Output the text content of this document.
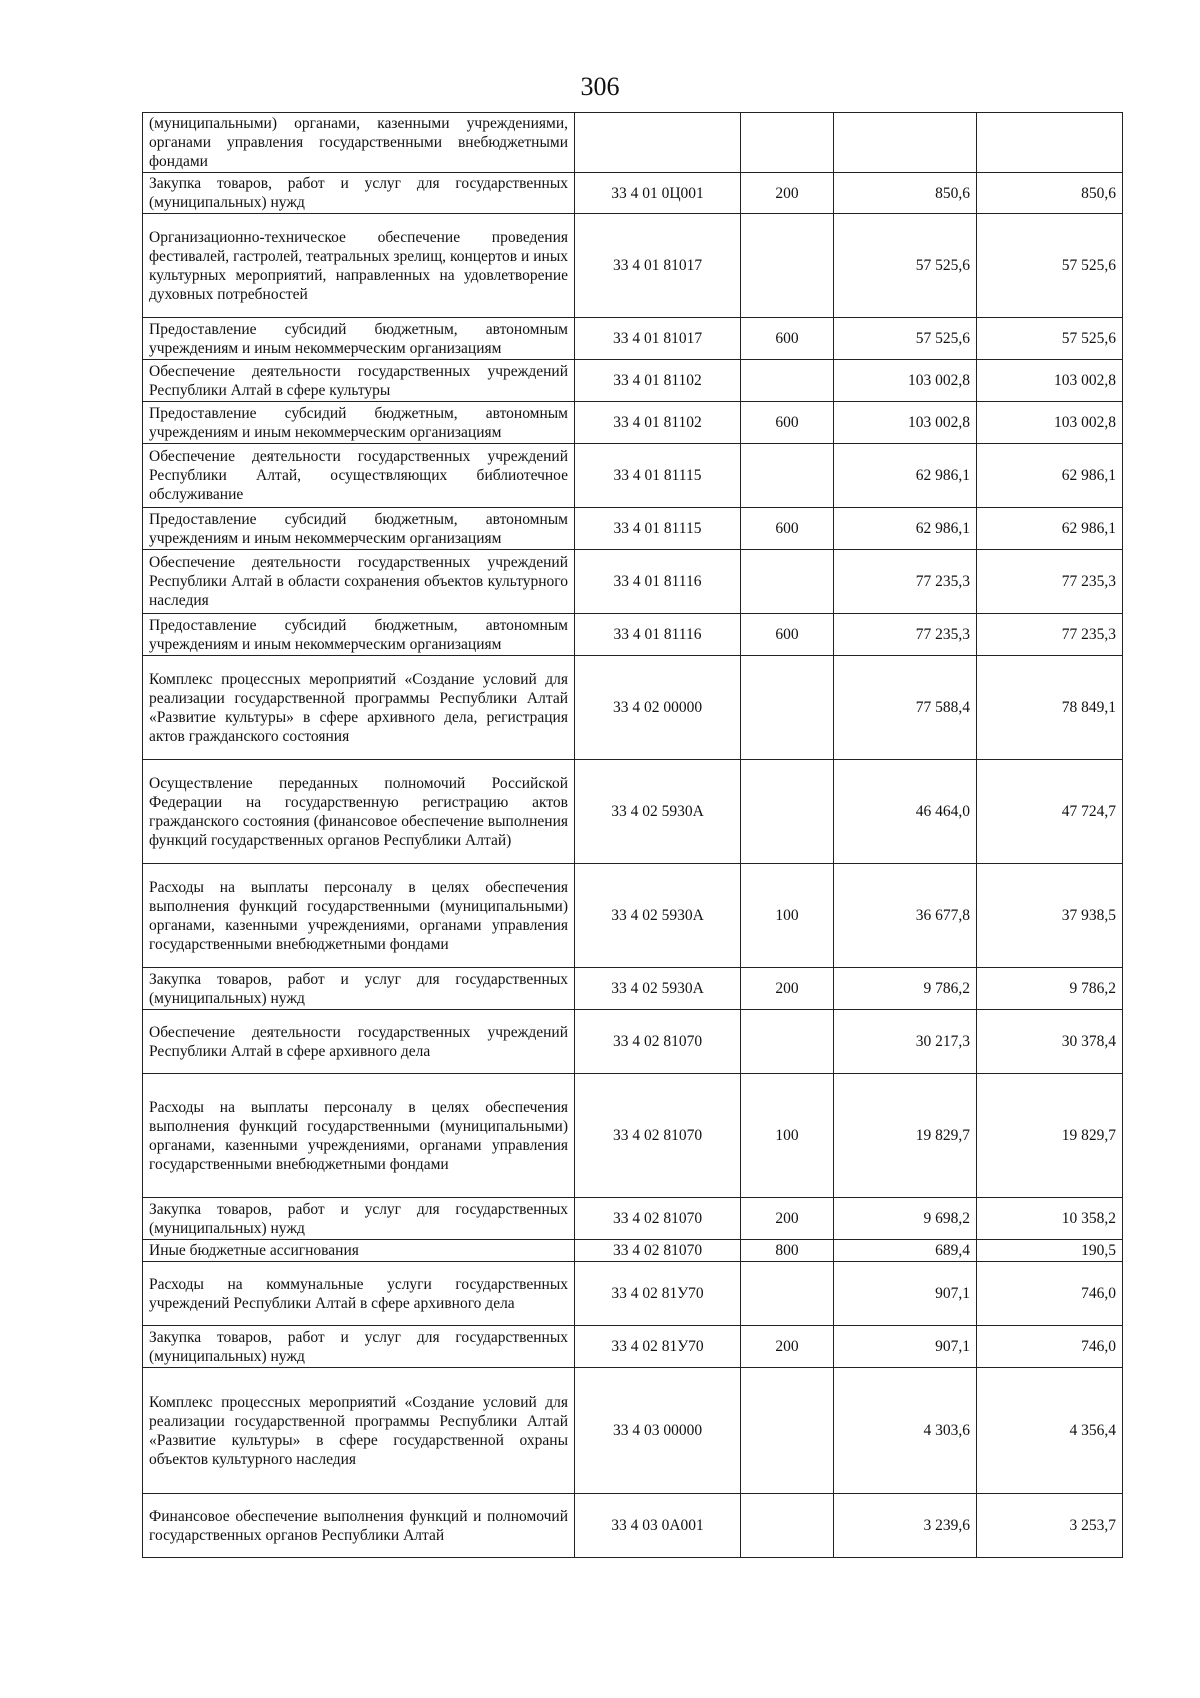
306
(муниципальными) органами, казенными учреждениями, органами управления государственными внебюджетными фондами				
Закупка товаров, работ и услуг для государственных (муниципальных) нужд	33 4 01 0Ц001	200	850,6	850,6
Организационно-техническое обеспечение проведения фестивалей, гастролей, театральных зрелищ, концертов и иных культурных мероприятий, направленных на удовлетворение духовных потребностей	33 4 01 81017		57 525,6	57 525,6
Предоставление субсидий бюджетным, автономным учреждениям и иным некоммерческим организациям	33 4 01 81017	600	57 525,6	57 525,6
Обеспечение деятельности государственных учреждений Республики Алтай в сфере культуры	33 4 01 81102		103 002,8	103 002,8
Предоставление субсидий бюджетным, автономным учреждениям и иным некоммерческим организациям	33 4 01 81102	600	103 002,8	103 002,8
Обеспечение деятельности государственных учреждений Республики Алтай, осуществляющих библиотечное обслуживание	33 4 01 81115		62 986,1	62 986,1
Предоставление субсидий бюджетным, автономным учреждениям и иным некоммерческим организациям	33 4 01 81115	600	62 986,1	62 986,1
Обеспечение деятельности государственных учреждений Республики Алтай в области сохранения объектов культурного наследия	33 4 01 81116		77 235,3	77 235,3
Предоставление субсидий бюджетным, автономным учреждениям и иным некоммерческим организациям	33 4 01 81116	600	77 235,3	77 235,3
Комплекс процессных мероприятий «Создание условий для реализации государственной программы Республики Алтай «Развитие культуры» в сфере архивного дела, регистрация актов гражданского состояния	33 4 02 00000		77 588,4	78 849,1
Осуществление переданных полномочий Российской Федерации на государственную регистрацию актов гражданского состояния (финансовое обеспечение выполнения функций государственных органов Республики Алтай)	33 4 02 5930А		46 464,0	47 724,7
Расходы на выплаты персоналу в целях обеспечения выполнения функций государственными (муниципальными) органами, казенными учреждениями, органами управления государственными внебюджетными фондами	33 4 02 5930А	100	36 677,8	37 938,5
Закупка товаров, работ и услуг для государственных (муниципальных) нужд	33 4 02 5930А	200	9 786,2	9 786,2
Обеспечение деятельности государственных учреждений Республики Алтай в сфере архивного дела	33 4 02 81070		30 217,3	30 378,4
Расходы на выплаты персоналу в целях обеспечения выполнения функций государственными (муниципальными) органами, казенными учреждениями, органами управления государственными внебюджетными фондами	33 4 02 81070	100	19 829,7	19 829,7
Закупка товаров, работ и услуг для государственных (муниципальных) нужд	33 4 02 81070	200	9 698,2	10 358,2
Иные бюджетные ассигнования	33 4 02 81070	800	689,4	190,5
Расходы на коммунальные услуги государственных учреждений Республики Алтай в сфере архивного дела	33 4 02 81У70		907,1	746,0
Закупка товаров, работ и услуг для государственных (муниципальных) нужд	33 4 02 81У70	200	907,1	746,0
Комплекс процессных мероприятий «Создание условий для реализации государственной программы Республики Алтай «Развитие культуры» в сфере государственной охраны объектов культурного наследия	33 4 03 00000		4 303,6	4 356,4
Финансовое обеспечение выполнения функций и полномочий государственных органов Республики Алтай	33 4 03 0А001		3 239,6	3 253,7
